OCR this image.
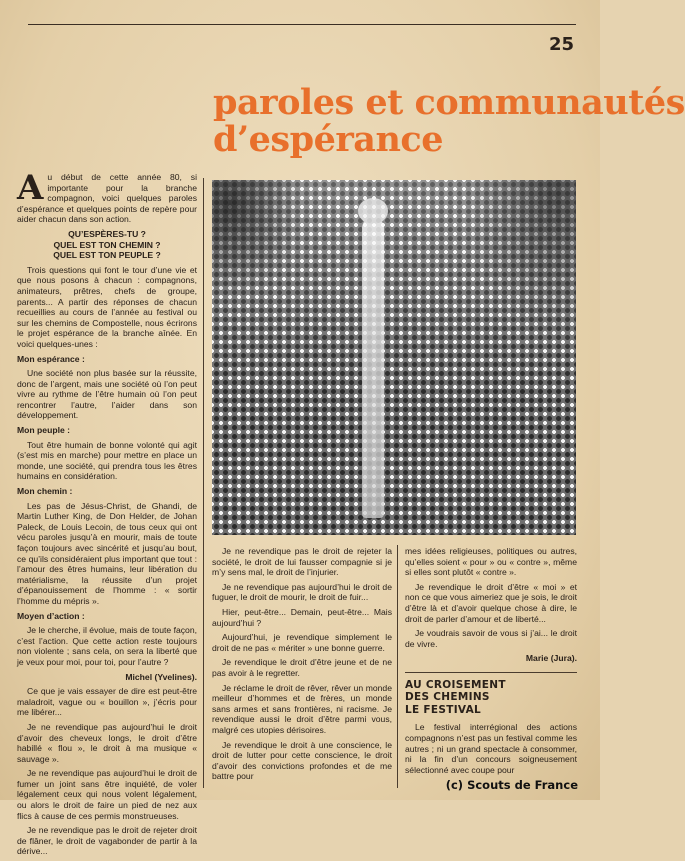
25
paroles et communautés
d’espérance

A u début de cette année 80, si importante pour la branche compagnon, voici quelques paroles d’espérance et quelques points de repère pour aider chacun dans son action.

QU’ESPÈRES-TU ?

QUEL EST TON CHEMIN ?

QUEL EST TON PEUPLE ?

Trois questions qui font le tour d’une vie et que nous posons à chacun : compagnons, animateurs, prêtres, chefs de groupe, parents... A partir des réponses de chacun recueillies au cours de l’année au festival ou sur les chemins de Compostelle, nous écrirons le projet espérance de la branche aînée. En voici quelques-unes :

Mon espérance :

Une société non plus basée sur la réussite, donc de l’argent, mais une société où l’on peut vivre au rythme de l’être humain où l’on peut rencontrer l’autre, l’aider dans son développement.

Mon peuple :

Tout être humain de bonne volonté qui agit (s’est mis en marche) pour mettre en place un monde, une société, qui prendra tous les êtres humains en considération.

Mon chemin :

Les pas de Jésus-Christ, de Ghandi, de Martin Luther King, de Don Helder, de Johan Paleck, de Louis Lecoin, de tous ceux qui ont vécu paroles jusqu’à en mourir, mais de toute façon toujours avec sincérité et jusqu’au bout, ce qu’ils considéraient plus important que tout : l’amour des êtres humains, leur libération du matérialisme, la réussite d’un projet d’épanouissement de l’homme : « sortir l’homme du mépris ».

Moyen d’action :

Je le cherche, il évolue, mais de toute façon, c’est l’action. Que cette action reste toujours non violente ; sans cela, on sera la liberté que je veux pour moi, pour toi, pour l’autre ?

Michel (Yvelines).

Ce que je vais essayer de dire est peut-être maladroit, vague ou « bouillon », j’écris pour me libérer...

Je ne revendique pas aujourd’hui le droit d’avoir des cheveux longs, le droit d’être habillé « flou », le droit à ma musique « sauvage ».

Je ne revendique pas aujourd’hui le droit de fumer un joint sans être inquiété, de voler légalement ceux qui nous volent légalement, ou alors le droit de faire un pied de nez aux flics à cause de ces permis monstrueuses.

Je ne revendique pas le droit de rejeter droit de flâner, le droit de vagabonder de partir à la dérive...

Je ne revendique pas le droit de rejeter la société, le droit de lui fausser compagnie si je m’y sens mal, le droit de l’injurier.

Je ne revendique pas aujourd’hui le droit de fuguer, le droit de mourir, le droit de fuir...

Hier, peut-être... Demain, peut-être... Mais aujourd’hui ?

Aujourd’hui, je revendique simplement le droit de ne pas « mériter » une bonne guerre.

Je revendique le droit d’être jeune et de ne pas avoir à le regretter.

Je réclame le droit de rêver, rêver un monde meilleur d’hommes et de frères, un monde sans armes et sans frontières, ni racisme. Je revendique aussi le droit d’être parmi vous, malgré ces utopies dérisoires.

Je revendique le droit à une conscience, le droit de lutter pour cette conscience, le droit d’avoir des convictions profondes et de me battre pour

mes idées religieuses, politiques ou autres, qu’elles soient « pour » ou « contre », même si elles sont plutôt « contre ».

Je revendique le droit d’être « moi » et non ce que vous aimeriez que je sois, le droit d’être là et d’avoir quelque chose à dire, le droit de parler d’amour et de liberté...

Je voudrais savoir de vous si j’ai... le droit de vivre.

Marie (Jura).

AU CROISEMENT
DES CHEMINS
LE FESTIVAL

Le festival interrégional des actions compagnons n’est pas un festival comme les autres ; ni un grand spectacle à consommer, ni la fin d’un concours soigneusement sélectionné avec coupe pour

(c) Scouts de France
